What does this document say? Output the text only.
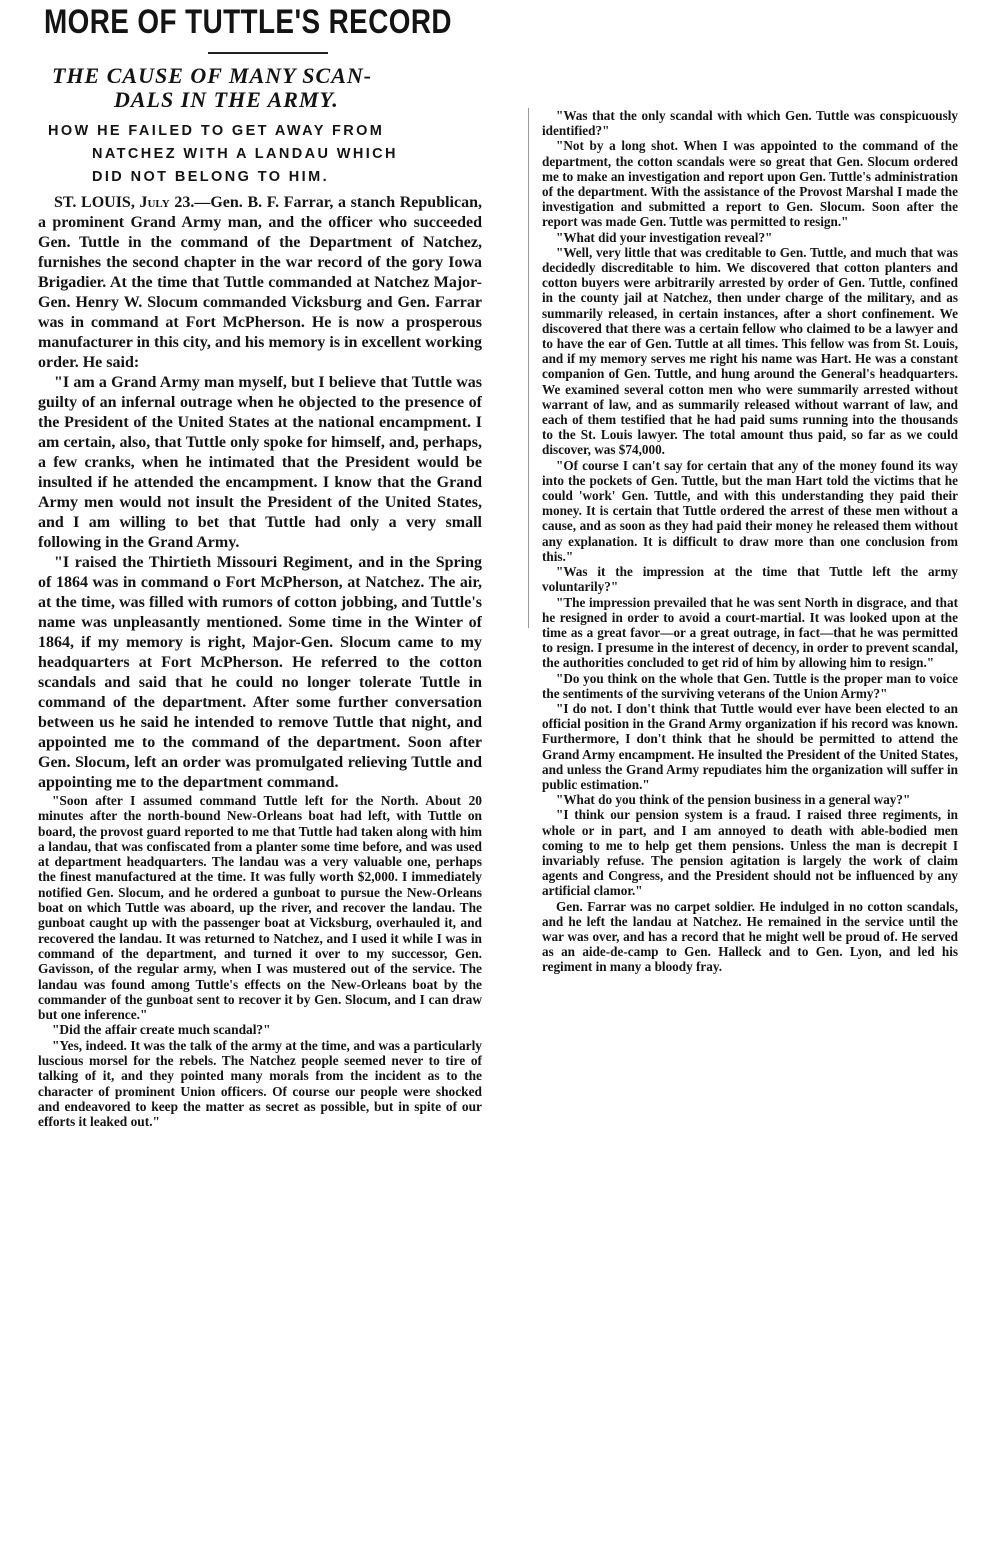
MORE OF TUTTLE'S RECORD
THE CAUSE OF MANY SCAN-
DALS IN THE ARMY.
HOW HE FAILED TO GET AWAY FROM
NATCHEZ WITH A LANDAU WHICH
DID NOT BELONG TO HIM.

ST. LOUIS, July 23.—Gen. B. F. Farrar, a stanch Republican, a prominent Grand Army man, and the officer who succeeded Gen. Tuttle in the command of the Department of Natchez, furnishes the second chapter in the war record of the gory Iowa Brigadier. At the time that Tuttle commanded at Natchez Major-Gen. Henry W. Slocum commanded Vicksburg and Gen. Farrar was in command at Fort McPherson. He is now a prosperous manufacturer in this city, and his memory is in excellent working order. He said:

"I am a Grand Army man myself, but I believe that Tuttle was guilty of an infernal outrage when he objected to the presence of the President of the United States at the national encampment. I am certain, also, that Tuttle only spoke for himself, and, perhaps, a few cranks, when he intimated that the President would be insulted if he attended the encampment. I know that the Grand Army men would not insult the President of the United States, and I am willing to bet that Tuttle had only a very small following in the Grand Army.

"I raised the Thirtieth Missouri Regiment, and in the Spring of 1864 was in command o Fort McPherson, at Natchez. The air, at the time, was filled with rumors of cotton jobbing, and Tuttle's name was unpleasantly mentioned. Some time in the Winter of 1864, if my memory is right, Major-Gen. Slocum came to my headquarters at Fort McPherson. He referred to the cotton scandals and said that he could no longer tolerate Tuttle in command of the department. After some further conversation between us he said he intended to remove Tuttle that night, and appointed me to the command of the department. Soon after Gen. Slocum, left an order was promulgated relieving Tuttle and appointing me to the department command.

"Soon after I assumed command Tuttle left for the North. About 20 minutes after the north-bound New-Orleans boat had left, with Tuttle on board, the provost guard reported to me that Tuttle had taken along with him a landau, that was confiscated from a planter some time before, and was used at department headquarters. The landau was a very valuable one, perhaps the finest manufactured at the time. It was fully worth $2,000. I immediately notified Gen. Slocum, and he ordered a gunboat to pursue the New-Orleans boat on which Tuttle was aboard, up the river, and recover the landau. The gunboat caught up with the passenger boat at Vicksburg, overhauled it, and recovered the landau. It was returned to Natchez, and I used it while I was in command of the department, and turned it over to my successor, Gen. Gavisson, of the regular army, when I was mustered out of the service. The landau was found among Tuttle's effects on the New-Orleans boat by the commander of the gunboat sent to recover it by Gen. Slocum, and I can draw but one inference."

"Did the affair create much scandal?"

"Yes, indeed. It was the talk of the army at the time, and was a particularly luscious morsel for the rebels. The Natchez people seemed never to tire of talking of it, and they pointed many morals from the incident as to the character of prominent Union officers. Of course our people were shocked and endeavored to keep the matter as secret as possible, but in spite of our efforts it leaked out."

"Was that the only scandal with which Gen. Tuttle was conspicuously identified?"

"Not by a long shot. When I was appointed to the command of the department, the cotton scandals were so great that Gen. Slocum ordered me to make an investigation and report upon Gen. Tuttle's administration of the department. With the assistance of the Provost Marshal I made the investigation and submitted a report to Gen. Slocum. Soon after the report was made Gen. Tuttle was permitted to resign."

"What did your investigation reveal?"

"Well, very little that was creditable to Gen. Tuttle, and much that was decidedly discreditable to him. We discovered that cotton planters and cotton buyers were arbitrarily arrested by order of Gen. Tuttle, confined in the county jail at Natchez, then under charge of the military, and as summarily released, in certain instances, after a short confinement. We discovered that there was a certain fellow who claimed to be a lawyer and to have the ear of Gen. Tuttle at all times. This fellow was from St. Louis, and if my memory serves me right his name was Hart. He was a constant companion of Gen. Tuttle, and hung around the General's headquarters. We examined several cotton men who were summarily arrested without warrant of law, and as summarily released without warrant of law, and each of them testified that he had paid sums running into the thousands to the St. Louis lawyer. The total amount thus paid, so far as we could discover, was $74,000.

"Of course I can't say for certain that any of the money found its way into the pockets of Gen. Tuttle, but the man Hart told the victims that he could 'work' Gen. Tuttle, and with this understanding they paid their money. It is certain that Tuttle ordered the arrest of these men without a cause, and as soon as they had paid their money he released them without any explanation. It is difficult to draw more than one conclusion from this."

"Was it the impression at the time that Tuttle left the army voluntarily?"

"The impression prevailed that he was sent North in disgrace, and that he resigned in order to avoid a court-martial. It was looked upon at the time as a great favor—or a great outrage, in fact—that he was permitted to resign. I presume in the interest of decency, in order to prevent scandal, the authorities concluded to get rid of him by allowing him to resign."

"Do you think on the whole that Gen. Tuttle is the proper man to voice the sentiments of the surviving veterans of the Union Army?"

"I do not. I don't think that Tuttle would ever have been elected to an official position in the Grand Army organization if his record was known. Furthermore, I don't think that he should be permitted to attend the Grand Army encampment. He insulted the President of the United States, and unless the Grand Army repudiates him the organization will suffer in public estimation."

"What do you think of the pension business in a general way?"

"I think our pension system is a fraud. I raised three regiments, in whole or in part, and I am annoyed to death with able-bodied men coming to me to help get them pensions. Unless the man is decrepit I invariably refuse. The pension agitation is largely the work of claim agents and Congress, and the President should not be influenced by any artificial clamor."

Gen. Farrar was no carpet soldier. He indulged in no cotton scandals, and he left the landau at Natchez. He remained in the service until the war was over, and has a record that he might well be proud of. He served as an aide-de-camp to Gen. Halleck and to Gen. Lyon, and led his regiment in many a bloody fray.
